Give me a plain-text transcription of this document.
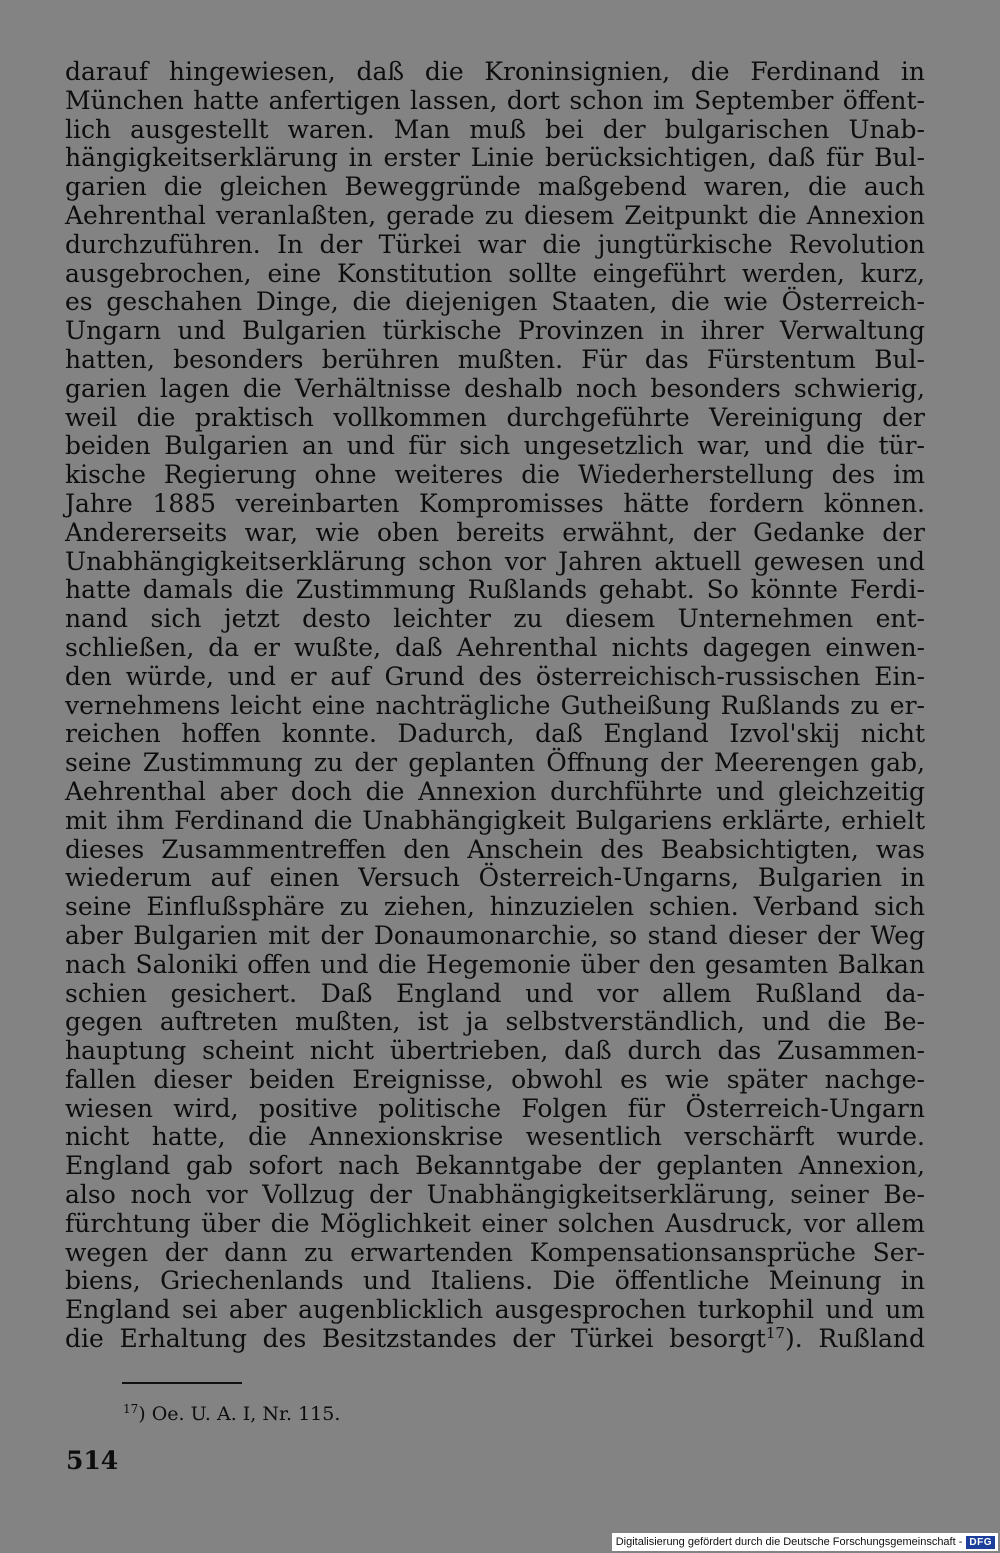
darauf hingewiesen, daß die Kroninsignien, die Ferdinand in
München hatte anfertigen lassen, dort schon im September öffent-
lich ausgestellt waren. Man muß bei der bulgarischen Unab-
hängigkeitserklärung in erster Linie berücksichtigen, daß für Bul-
garien die gleichen Beweggründe maßgebend waren, die auch
Aehrenthal veranlaßten, gerade zu diesem Zeitpunkt die Annexion
durchzuführen. In der Türkei war die jungtürkische Revolution
ausgebrochen, eine Konstitution sollte eingeführt werden, kurz,
es geschahen Dinge, die diejenigen Staaten, die wie Österreich-
Ungarn und Bulgarien türkische Provinzen in ihrer Verwaltung
hatten, besonders berühren mußten. Für das Fürstentum Bul-
garien lagen die Verhältnisse deshalb noch besonders schwierig,
weil die praktisch vollkommen durchgeführte Vereinigung der
beiden Bulgarien an und für sich ungesetzlich war, und die tür-
kische Regierung ohne weiteres die Wiederherstellung des im
Jahre 1885 vereinbarten Kompromisses hätte fordern können.
Andererseits war, wie oben bereits erwähnt, der Gedanke der
Unabhängigkeitserklärung schon vor Jahren aktuell gewesen und
hatte damals die Zustimmung Rußlands gehabt. So könnte Ferdi-
nand sich jetzt desto leichter zu diesem Unternehmen ent-
schließen, da er wußte, daß Aehrenthal nichts dagegen einwen-
den würde, und er auf Grund des österreichisch-russischen Ein-
vernehmens leicht eine nachträgliche Gutheißung Rußlands zu er-
reichen hoffen konnte. Dadurch, daß England Izvol'skij nicht
seine Zustimmung zu der geplanten Öffnung der Meerengen gab,
Aehrenthal aber doch die Annexion durchführte und gleichzeitig
mit ihm Ferdinand die Unabhängigkeit Bulgariens erklärte, erhielt
dieses Zusammentreffen den Anschein des Beabsichtigten, was
wiederum auf einen Versuch Österreich-Ungarns, Bulgarien in
seine Einflußsphäre zu ziehen, hinzuzielen schien. Verband sich
aber Bulgarien mit der Donaumonarchie, so stand dieser der Weg
nach Saloniki offen und die Hegemonie über den gesamten Balkan
schien gesichert. Daß England und vor allem Rußland da-
gegen auftreten mußten, ist ja selbstverständlich, und die Be-
hauptung scheint nicht übertrieben, daß durch das Zusammen-
fallen dieser beiden Ereignisse, obwohl es wie später nachge-
wiesen wird, positive politische Folgen für Österreich-Ungarn
nicht hatte, die Annexionskrise wesentlich verschärft wurde.
England gab sofort nach Bekanntgabe der geplanten Annexion,
also noch vor Vollzug der Unabhängigkeitserklärung, seiner Be-
fürchtung über die Möglichkeit einer solchen Ausdruck, vor allem
wegen der dann zu erwartenden Kompensationsansprüche Ser-
biens, Griechenlands und Italiens. Die öffentliche Meinung in
England sei aber augenblicklich ausgesprochen turkophil und um
die Erhaltung des Besitzstandes der Türkei besorgt$^{17}$). Rußland
$^{17}$) Oe. U. A. I, Nr. 115.
514
Digitalisierung gefördert durch die Deutsche Forschungsgemeinschaft - DFG
